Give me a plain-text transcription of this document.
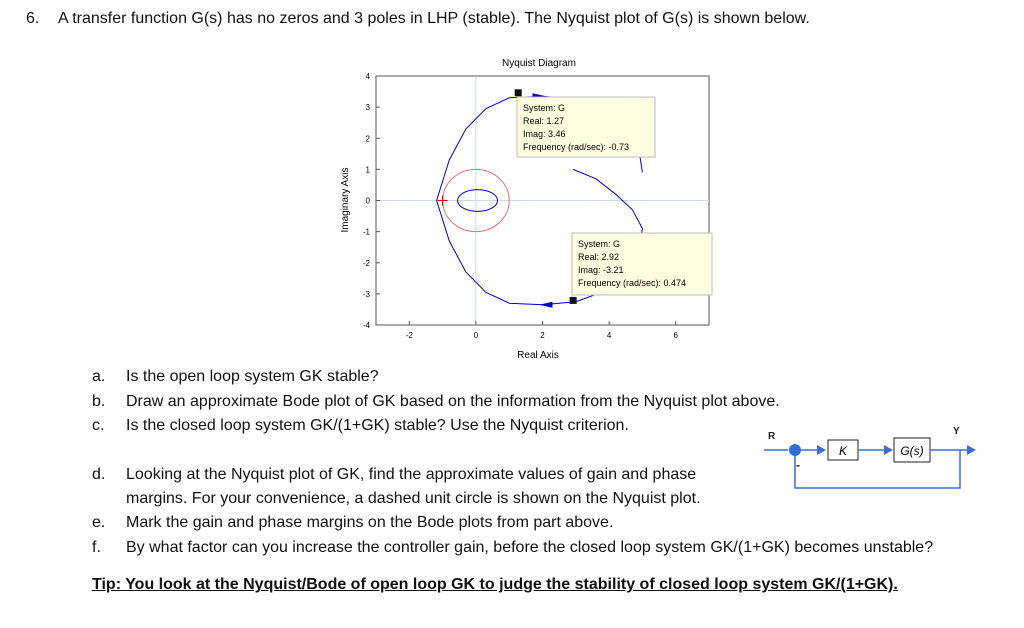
6. A transfer function G(s) has no zeros and 3 poles in LHP (stable). The Nyquist plot of G(s) is shown below.
Nyquist Diagram
4
3
2
1
0
-1
-2
-3
-4
-2	0	2	4	6
System: G
Real: 1.27
Imag: 3.46
Frequency (rad/sec): -0.73
System: G
Real: 2.92
Imag: -3.21
Frequency (rad/sec): 0.474
Real Axis
Imaginary Axis
a. Is the open loop system GK stable?
b. Draw an approximate Bode plot of GK based on the information from the Nyquist plot above.
c. Is the closed loop system GK/(1+GK) stable? Use the Nyquist criterion.
d. Looking at the Nyquist plot of GK, find the approximate values of gain and phase
margins. For your convenience, a dashed unit circle is shown on the Nyquist plot.
e. Mark the gain and phase margins on the Bode plots from part above.
f. By what factor can you increase the controller gain, before the closed loop system GK/(1+GK) becomes unstable?
R	Y
-
K	G(s)
Tip: You look at the Nyquist/Bode of open loop GK to judge the stability of closed loop system GK/(1+GK).
